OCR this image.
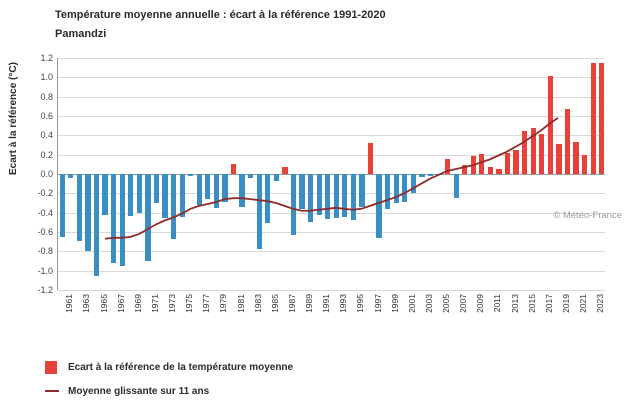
Température moyenne annuelle : écart à la référence 1991-2020
Pamandzi
Ecart à la référence (°C)
1.2
1.0
0.8
0.6
0.4
0.2
0.0
-0.2
-0.4
-0.6
-0.8
-1.0
-1.2
1961 1963 1965 1967 1969 1971 1973 1975 1977 1979 1981 1983 1985 1987 1989 1991 1993 1995 1997 1999 2001 2003 2005 2007 2009 2011 2013 2015 2017 2019 2021 2023
© Météo-France
Ecart à la référence de la température moyenne
Moyenne glissante sur 11 ans
